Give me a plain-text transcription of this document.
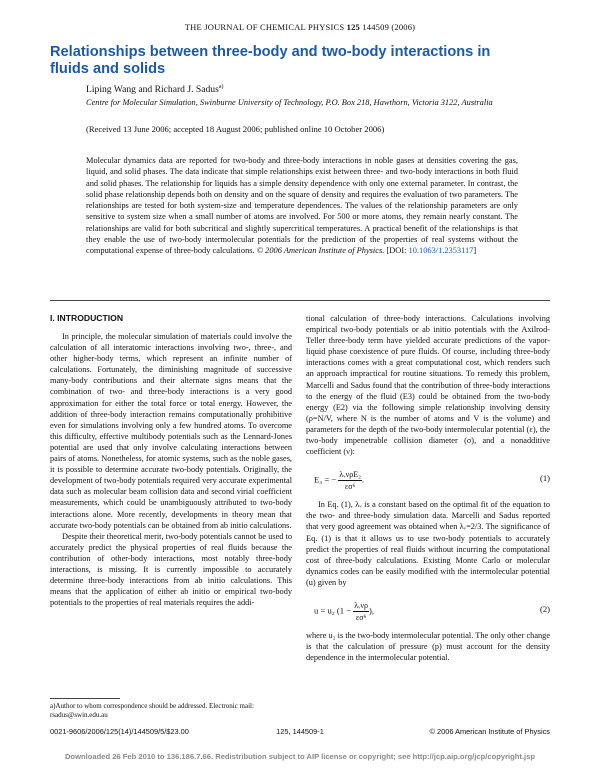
THE JOURNAL OF CHEMICAL PHYSICS 125 144509 (2006)
Relationships between three-body and two-body interactions in fluids and solids
Liping Wang and Richard J. Sadus$^{a)}$
Centre for Molecular Simulation, Swinburne University of Technology, P.O. Box 218, Hawthorn, Victoria 3122, Australia
(Received 13 June 2006; accepted 18 August 2006; published online 10 October 2006)
Molecular dynamics data are reported for two-body and three-body interactions in noble gases at densities covering the gas, liquid, and solid phases. The data indicate that simple relationships exist between three- and two-body interactions in both fluid and solid phases. The relationship for liquids has a simple density dependence with only one external parameter. In contrast, the solid phase relationship depends both on density and on the square of density and requires the evaluation of two parameters. The relationships are tested for both system-size and temperature dependences. The values of the relationship parameters are only sensitive to system size when a small number of atoms are involved. For 500 or more atoms, they remain nearly constant. The relationships are valid for both subcritical and slightly supercritical temperatures. A practical benefit of the relationships is that they enable the use of two-body intermolecular potentials for the prediction of the properties of real systems without the computational expense of three-body calculations. © 2006 American Institute of Physics. [DOI: 10.1063/1.2353117]
I. INTRODUCTION

In principle, the molecular simulation of materials could involve the calculation of all interatomic interactions involving two-, three-, and other higher-body terms, which represent an infinite number of calculations. Fortunately, the diminishing magnitude of successive many-body contributions and their alternate signs means that the combination of two- and three-body interactions is a very good approximation for either the total force or total energy. However, the addition of three-body interaction remains computationally prohibitive even for simulations involving only a few hundred atoms. To overcome this difficulty, effective multibody potentials such as the Lennard-Jones potential are used that only involve calculating interactions between pairs of atoms. Nonetheless, for atomic systems, such as the noble gases, it is possible to determine accurate two-body potentials. Originally, the development of two-body potentials required very accurate experimental data such as molecular beam collision data and second virial coefficient measurements, which could be unambiguously attributed to two-body interactions alone. More recently, developments in theory mean that accurate two-body potentials can be obtained from ab initio calculations.

Despite their theoretical merit, two-body potentials cannot be used to accurately predict the physical properties of real fluids because the contribution of other-body interactions, most notably three-body interactions, is missing. It is currently impossible to accurately determine three-body interactions from ab initio calculations. This means that the application of either ab initio or empirical two-body potentials to the properties of real materials requires the addi-

tional calculation of three-body interactions. Calculations involving empirical two-body potentials or ab initio potentials with the Axilrod-Teller three-body term have yielded accurate predictions of the vapor-liquid phase coexistence of pure fluids. Of course, including three-body interactions comes with a great computational cost, which renders such an approach impractical for routine situations. To remedy this problem, Marcelli and Sadus found that the contribution of three-body interactions to the energy of the fluid (E3) could be obtained from the two-body energy (E2) via the following simple relationship involving density (ρ=N/V, where N is the number of atoms and V is the volume) and parameters for the depth of the two-body intermolecular potential (ε), the two-body impenetrable collision diameter (σ), and a nonadditive coefficient (ν):

E₃ = − $\frac{\text{λᵥνρE₂}}{\text{εσ⁶}}$ .	(1)

In Eq. (1), λᵥ is a constant based on the optimal fit of the equation to the two- and three-body simulation data. Marcelli and Sadus reported that very good agreement was obtained when λᵥ=2/3. The significance of Eq. (1) is that it allows us to use two-body potentials to accurately predict the properties of real fluids without incurring the computational cost of three-body calculations. Existing Monte Carlo or molecular dynamics codes can be easily modified with the intermolecular potential (u) given by

u = u₂ ($1 - \frac{\text{λᵥνρ}}{\text{εσ⁶}}$ ),	(2)

where u₂ is the two-body intermolecular potential. The only other change is that the calculation of pressure (p) must account for the density dependence in the intermolecular potential.

a)Author to whom correspondence should be addressed. Electronic mail: rsadus@swin.edu.au
0021-9606/2006/125(14)/144509/5/$23.00	125, 144509-1	© 2006 American Institute of Physics
Downloaded 26 Feb 2010 to 136.186.7.66. Redistribution subject to AIP license or copyright; see http://jcp.aip.org/jcp/copyright.jsp
